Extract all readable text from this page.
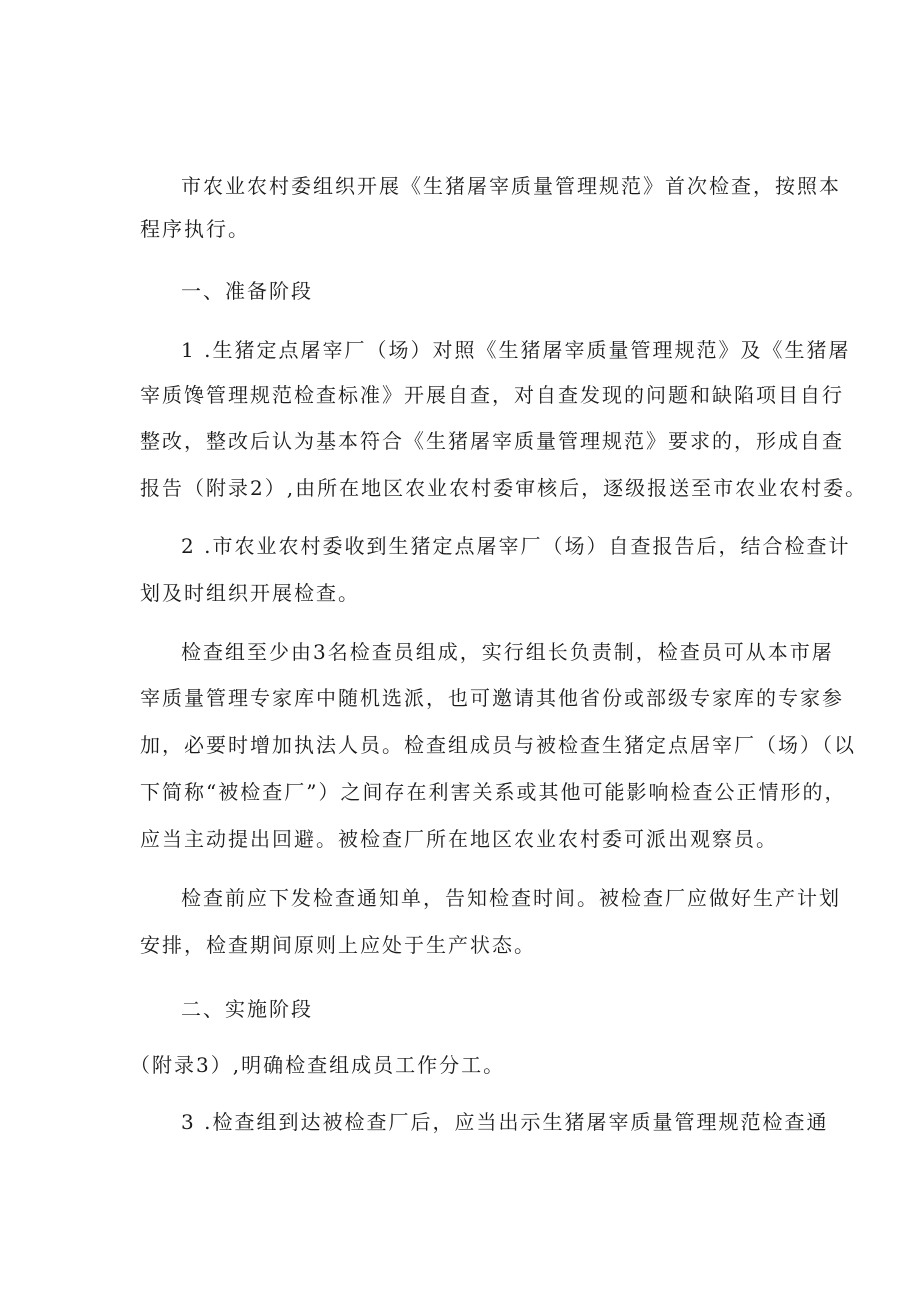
市农业农村委组织开展《生猪屠宰质量管理规范》首次检查，按照本
程序执行。
一、准备阶段
1 .生猪定点屠宰厂（场）对照《生猪屠宰质量管理规范》及《生猪屠
宰质馋管理规范检查标准》开展自查，对自查发现的问题和缺陷项目自行
整改，整改后认为基本符合《生猪屠宰质量管理规范》要求的，形成自查
报告（附录2）,由所在地区农业农村委审核后，逐级报送至市农业农村委。
2 .市农业农村委收到生猪定点屠宰厂（场）自查报告后，结合检查计
划及时组织开展检查。
检查组至少由3名检查员组成，实行组长负责制，检查员可从本市屠
宰质量管理专家库中随机选派，也可邀请其他省份或部级专家库的专家参
加，必要时增加执法人员。检查组成员与被检查生猪定点居宰厂（场）（以
下简称“被检查厂”）之间存在利害关系或其他可能影响检查公正情形的，
应当主动提出回避。被检查厂所在地区农业农村委可派出观察员。
检查前应下发检查通知单，告知检查时间。被检查厂应做好生产计划
安排，检查期间原则上应处于生产状态。
二、实施阶段
（附录3）,明确检查组成员工作分工。
3 .检查组到达被检查厂后，应当出示生猪屠宰质量管理规范检查通
